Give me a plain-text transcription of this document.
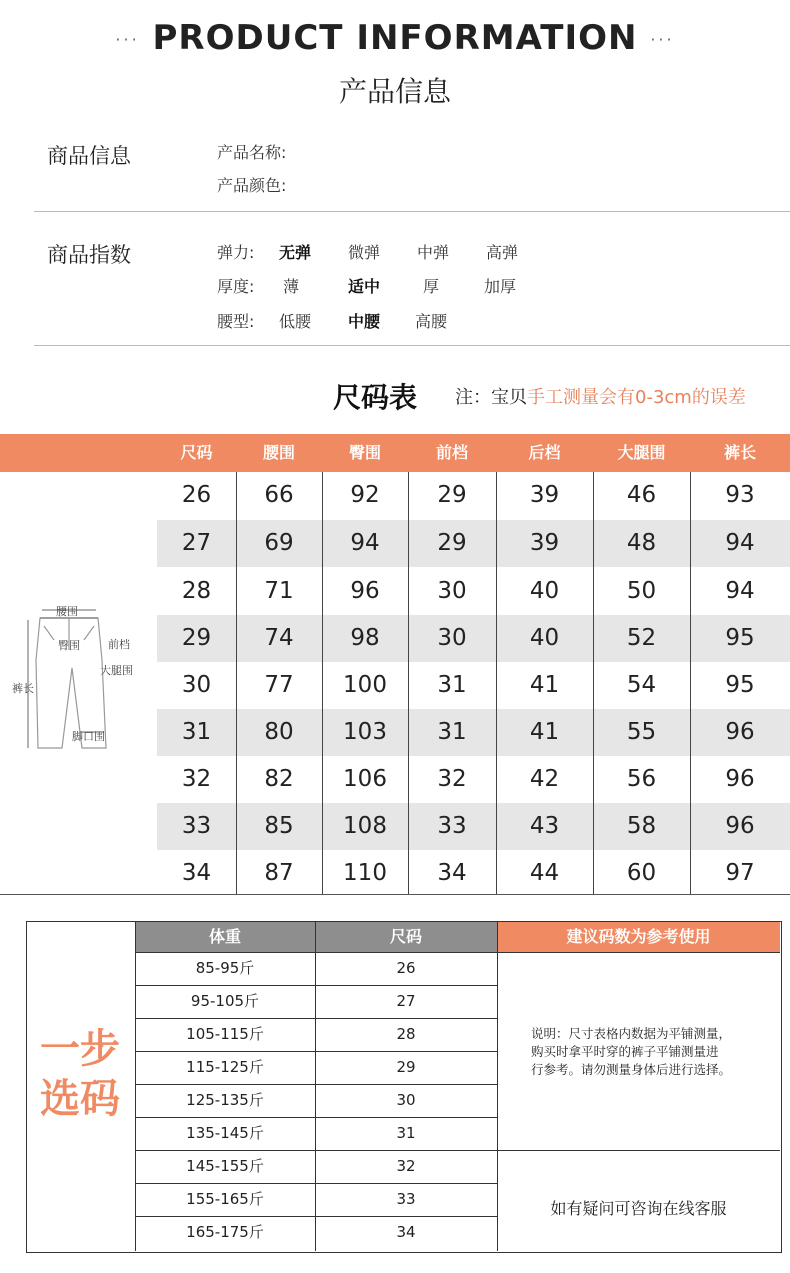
··· PRODUCT INFORMATION ···
产品信息
商品信息	产品名称:
产品颜色:
商品指数	弹力: 无弹 微弹 中弹 高弹
厚度: 薄	适中	厚	加厚
腰型: 低腰 中腰 高腰
尺码表 注：宝贝手工测量会有0-3cm的误差
尺码	腰围	臀围	前档	后档	大腿围	裤长
26	66	92	29	39	46	93
27	69	94	29	39	48	94
28	71	96	30	40	50	94
29	74	98	30	40	52	95
30	77	100	31	41	54	95
31	80	103	31	41	55	96
32	82	106	32	42	56	96
33	85	108	33	43	58	96
34	87	110	34	44	60	97
腰围
臀围	前档
大腿围
裤长
脚口围
一步
选码
体重	尺码	建议码数为参考使用
85-95斤	26
95-105斤	27
105-115斤	28
115-125斤	29
125-135斤	30
135-145斤	31
145-155斤	32
155-165斤	33
165-175斤	34
说明：尺寸表格内数据为平铺测量，
购买时拿平时穿的裤子平铺测量进
行参考。请勿测量身体后进行选择。
如有疑问可咨询在线客服
